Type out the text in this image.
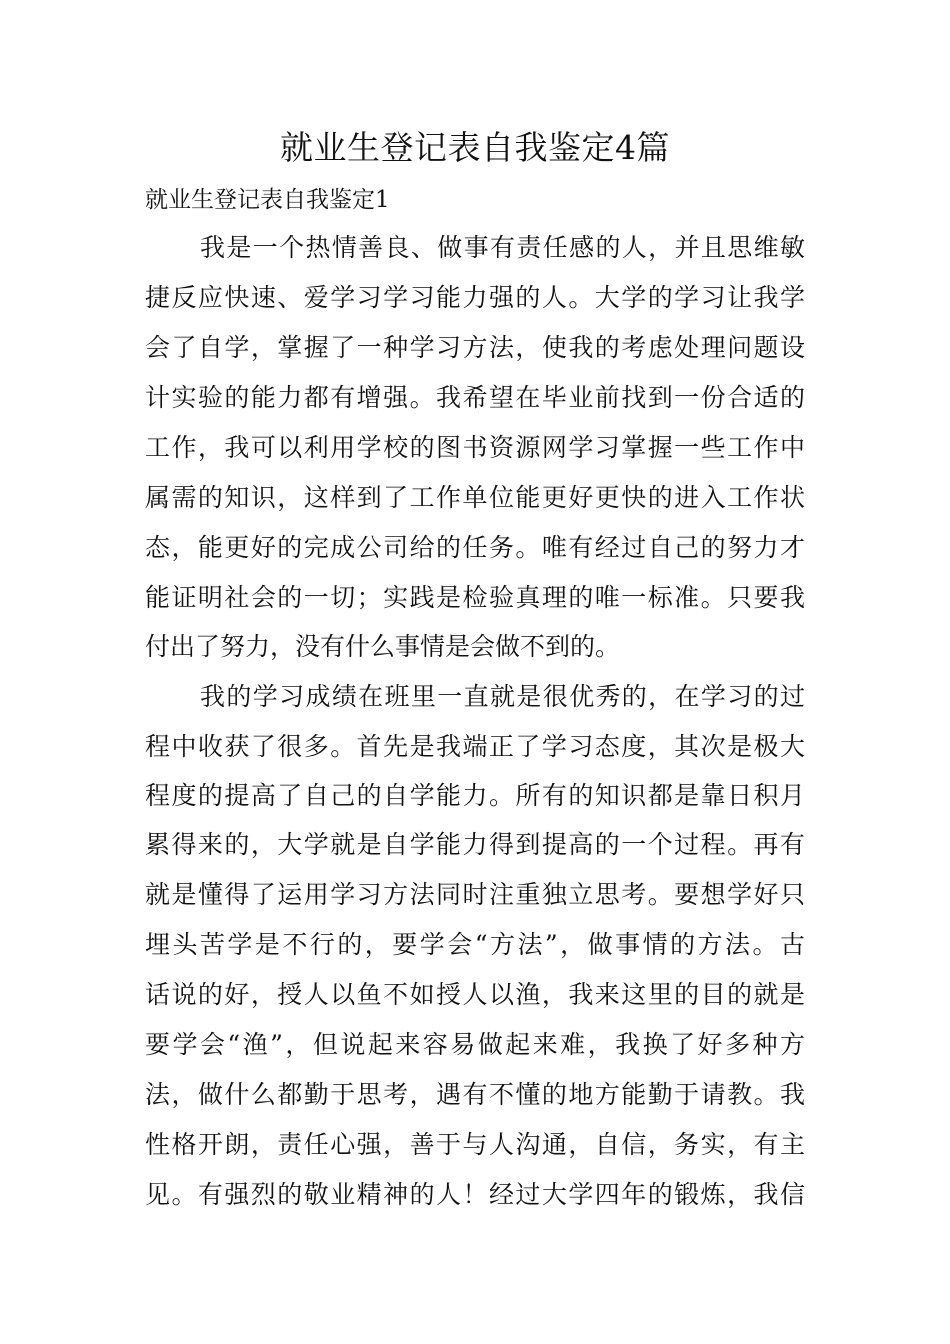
就业生登记表自我鉴定4篇

就业生登记表自我鉴定1

我是一个热情善良、做事有责任感的人，并且思维敏

捷反应快速、爱学习学习能力强的人。大学的学习让我学

会了自学，掌握了一种学习方法，使我的考虑处理问题设

计实验的能力都有增强。我希望在毕业前找到一份合适的

工作，我可以利用学校的图书资源网学习掌握一些工作中

属需的知识，这样到了工作单位能更好更快的进入工作状

态，能更好的完成公司给的任务。唯有经过自己的努力才

能证明社会的一切；实践是检验真理的唯一标准。只要我

付出了努力，没有什么事情是会做不到的。

我的学习成绩在班里一直就是很优秀的，在学习的过

程中收获了很多。首先是我端正了学习态度，其次是极大

程度的提高了自己的自学能力。所有的知识都是靠日积月

累得来的，大学就是自学能力得到提高的一个过程。再有

就是懂得了运用学习方法同时注重独立思考。要想学好只

埋头苦学是不行的，要学会“方法”，做事情的方法。古

话说的好，授人以鱼不如授人以渔，我来这里的目的就是

要学会“渔”，但说起来容易做起来难，我换了好多种方

法，做什么都勤于思考，遇有不懂的地方能勤于请教。我

性格开朗，责任心强，善于与人沟通，自信，务实，有主

见。有强烈的敬业精神的人！经过大学四年的锻炼，我信
